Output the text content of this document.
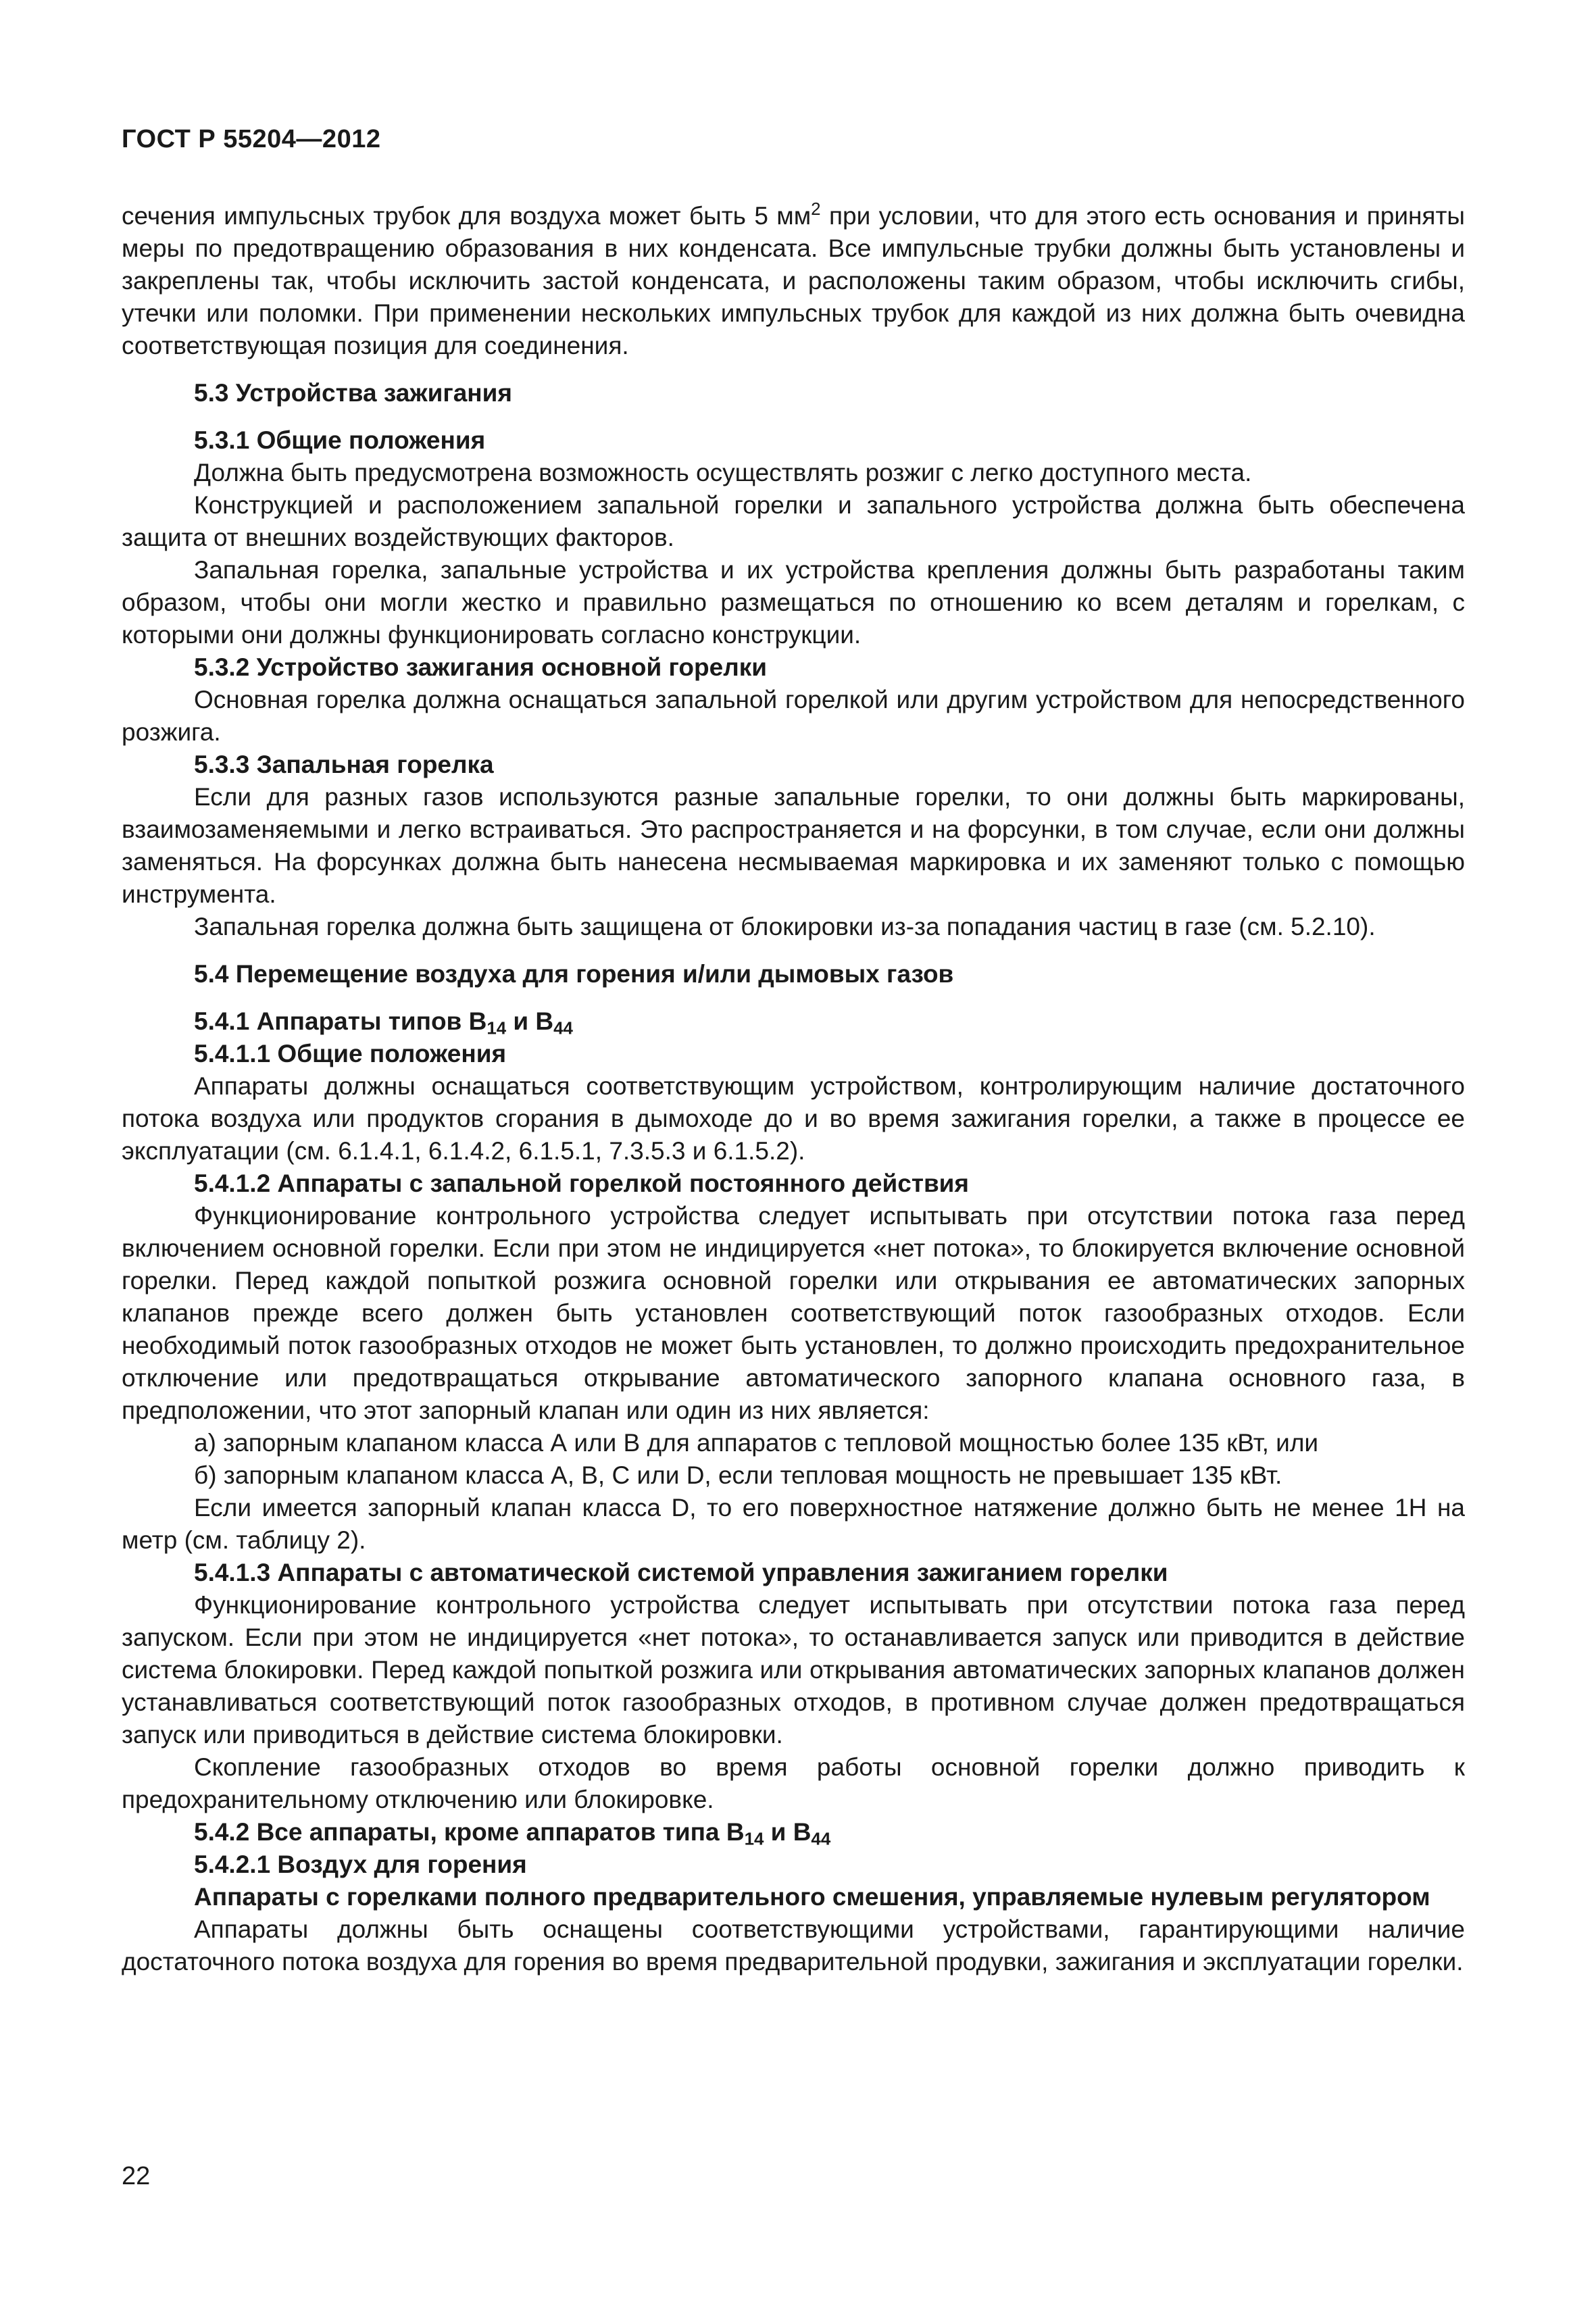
ГОСТ Р 55204—2012

сечения импульсных трубок для воздуха может быть 5 $мм^2$ при условии, что для этого есть основания и приняты меры по предотвращению образования в них конденсата. Все импульсные трубки должны быть установлены и закреплены так, чтобы исключить застой конденсата, и расположены таким образом, чтобы исключить сгибы, утечки или поломки. При применении нескольких импульсных трубок для каждой из них должна быть очевидна соответствующая позиция для соединения.

5.3 Устройства зажигания

5.3.1 Общие положения

Должна быть предусмотрена возможность осуществлять розжиг с легко доступного места.

Конструкцией и расположением запальной горелки и запального устройства должна быть обеспечена защита от внешних воздействующих факторов.

Запальная горелка, запальные устройства и их устройства крепления должны быть разработаны таким образом, чтобы они могли жестко и правильно размещаться по отношению ко всем деталям и горелкам, с которыми они должны функционировать согласно конструкции.

5.3.2 Устройство зажигания основной горелки

Основная горелка должна оснащаться запальной горелкой или другим устройством для непосредственного розжига.

5.3.3 Запальная горелка

Если для разных газов используются разные запальные горелки, то они должны быть маркированы, взаимозаменяемыми и легко встраиваться. Это распространяется и на форсунки, в том случае, если они должны заменяться. На форсунках должна быть нанесена несмываемая маркировка и их заменяют только с помощью инструмента.

Запальная горелка должна быть защищена от блокировки из-за попадания частиц в газе (см. 5.2.10).

5.4 Перемещение воздуха для горения и/или дымовых газов

5.4.1 Аппараты типов $B_{14}$ и $B_{44}$

5.4.1.1 Общие положения

Аппараты должны оснащаться соответствующим устройством, контролирующим наличие достаточного потока воздуха или продуктов сгорания в дымоходе до и во время зажигания горелки, а также в процессе ее эксплуатации (см. 6.1.4.1, 6.1.4.2, 6.1.5.1, 7.3.5.3 и 6.1.5.2).

5.4.1.2 Аппараты с запальной горелкой постоянного действия

Функционирование контрольного устройства следует испытывать при отсутствии потока газа перед включением основной горелки. Если при этом не индицируется «нет потока», то блокируется включение основной горелки. Перед каждой попыткой розжига основной горелки или открывания ее автоматических запорных клапанов прежде всего должен быть установлен соответствующий поток газообразных отходов. Если необходимый поток газообразных отходов не может быть установлен, то должно происходить предохранительное отключение или предотвращаться открывание автоматического запорного клапана основного газа, в предположении, что этот запорный клапан или один из них является:

а) запорным клапаном класса А или В для аппаратов с тепловой мощностью более 135 кВт, или

б) запорным клапаном класса А, В, С или D, если тепловая мощность не превышает 135 кВт.

Если имеется запорный клапан класса D, то его поверхностное натяжение должно быть не менее 1Н на метр (см. таблицу 2).

5.4.1.3 Аппараты с автоматической системой управления зажиганием горелки

Функционирование контрольного устройства следует испытывать при отсутствии потока газа перед запуском. Если при этом не индицируется «нет потока», то останавливается запуск или приводится в действие система блокировки. Перед каждой попыткой розжига или открывания автоматических запорных клапанов должен устанавливаться соответствующий поток газообразных отходов, в противном случае должен предотвращаться запуск или приводиться в действие система блокировки.

Скопление газообразных отходов во время работы основной горелки должно приводить к предохранительному отключению или блокировке.

5.4.2 Все аппараты, кроме аппаратов типа $B_{14}$ и $B_{44}$

5.4.2.1 Воздух для горения

Аппараты с горелками полного предварительного смешения, управляемые нулевым регулятором

Аппараты должны быть оснащены соответствующими устройствами, гарантирующими наличие достаточного потока воздуха для горения во время предварительной продувки, зажигания и эксплуатации горелки.

22
